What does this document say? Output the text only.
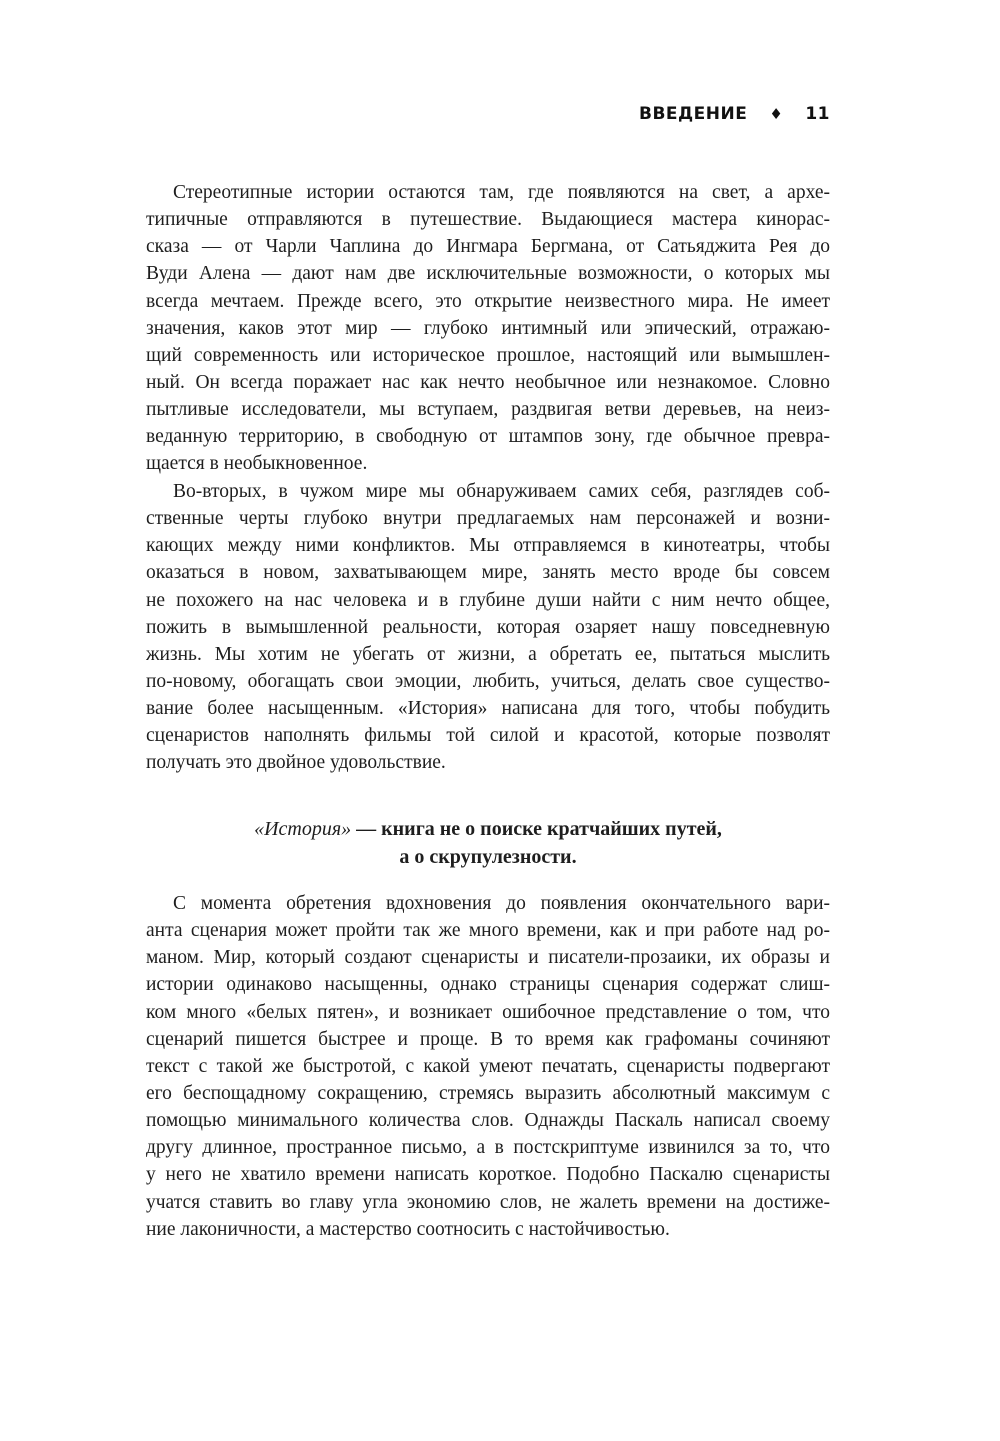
ВВЕДЕНИЕ ♦ 11
Стереотипные истории остаются там, где появляются на свет, а архе-
типичные отправляются в путешествие. Выдающиеся мастера кинорас-
сказа — от Чарли Чаплина до Ингмара Бергмана, от Сатьяджита Рея до
Вуди Алена — дают нам две исключительные возможности, о которых мы
всегда мечтаем. Прежде всего, это открытие неизвестного мира. Не имеет
значения, каков этот мир — глубоко интимный или эпический, отражаю-
щий современность или историческое прошлое, настоящий или вымышлен-
ный. Он всегда поражает нас как нечто необычное или незнакомое. Словно
пытливые исследователи, мы вступаем, раздвигая ветви деревьев, на неиз-
веданную территорию, в свободную от штампов зону, где обычное превра-
щается в необыкновенное.
Во-вторых, в чужом мире мы обнаруживаем самих себя, разглядев соб-
ственные черты глубоко внутри предлагаемых нам персонажей и возни-
кающих между ними конфликтов. Мы отправляемся в кинотеатры, чтобы
оказаться в новом, захватывающем мире, занять место вроде бы совсем
не похожего на нас человека и в глубине души найти с ним нечто общее,
пожить в вымышленной реальности, которая озаряет нашу повседневную
жизнь. Мы хотим не убегать от жизни, а обретать ее, пытаться мыслить
по-новому, обогащать свои эмоции, любить, учиться, делать свое существо-
вание более насыщенным. «История» написана для того, чтобы побудить
сценаристов наполнять фильмы той силой и красотой, которые позволят
получать это двойное удовольствие.
«История» — книга не о поиске кратчайших путей,
а о скрупулезности.
С момента обретения вдохновения до появления окончательного вари-
анта сценария может пройти так же много времени, как и при работе над ро-
маном. Мир, который создают сценаристы и писатели-прозаики, их образы и
истории одинаково насыщенны, однако страницы сценария содержат слиш-
ком много «белых пятен», и возникает ошибочное представление о том, что
сценарий пишется быстрее и проще. В то время как графоманы сочиняют
текст с такой же быстротой, с какой умеют печатать, сценаристы подвергают
его беспощадному сокращению, стремясь выразить абсолютный максимум с
помощью минимального количества слов. Однажды Паскаль написал своему
другу длинное, пространное письмо, а в постскриптуме извинился за то, что
у него не хватило времени написать короткое. Подобно Паскалю сценаристы
учатся ставить во главу угла экономию слов, не жалеть времени на достиже-
ние лаконичности, а мастерство соотносить с настойчивостью.
